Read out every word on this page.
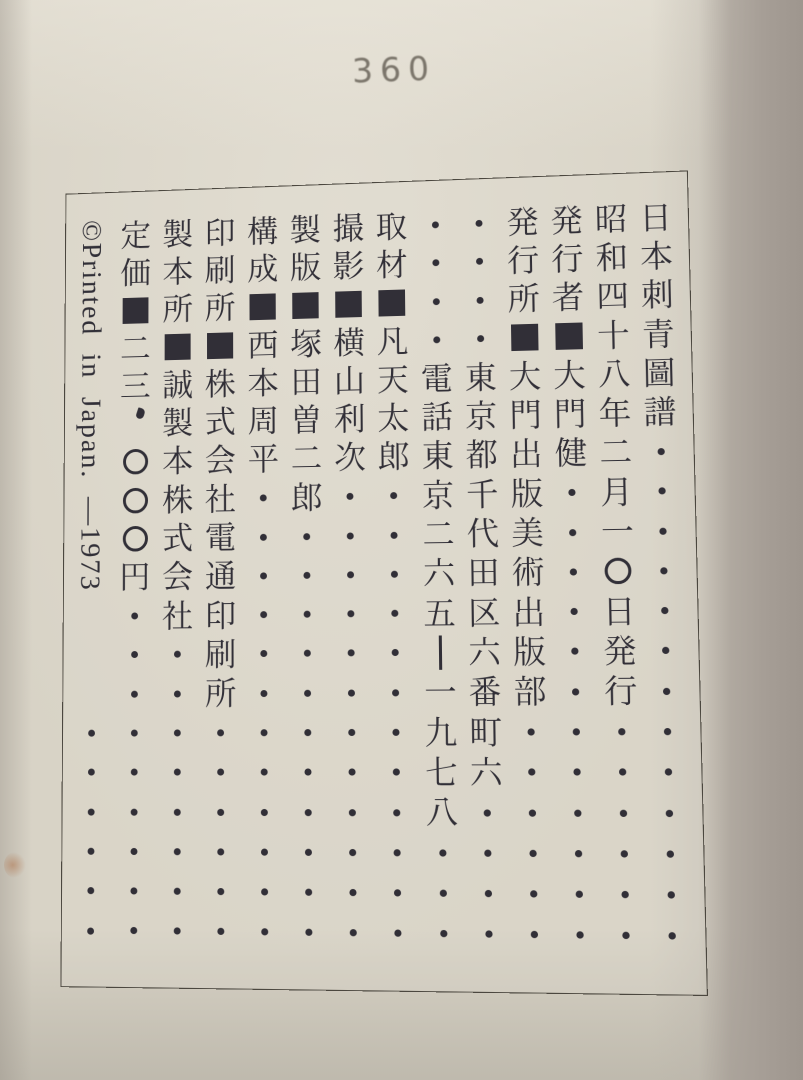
360
日
本
刺
青
圖
譜
昭
和
四
十
八
年
二
月
一
日
発
行
発
行
者
大
門
健
発
行
所
大
門
出
版
美
術
出
版
部
東
京
都
千
代
田
区
六
番
町
六
電
話
東
京
二
六
五
一
九
七
八
取
材
凡
天
太
郎
撮
影
横
山
利
次
製
版
塚
田
曽
二
郎
構
成
西
本
周
平
印
刷
所
株
式
会
社
電
通
印
刷
所
製
本
所
誠
製
本
株
式
会
社
定
価
二
三
円
©Printed in Japan. —1973
